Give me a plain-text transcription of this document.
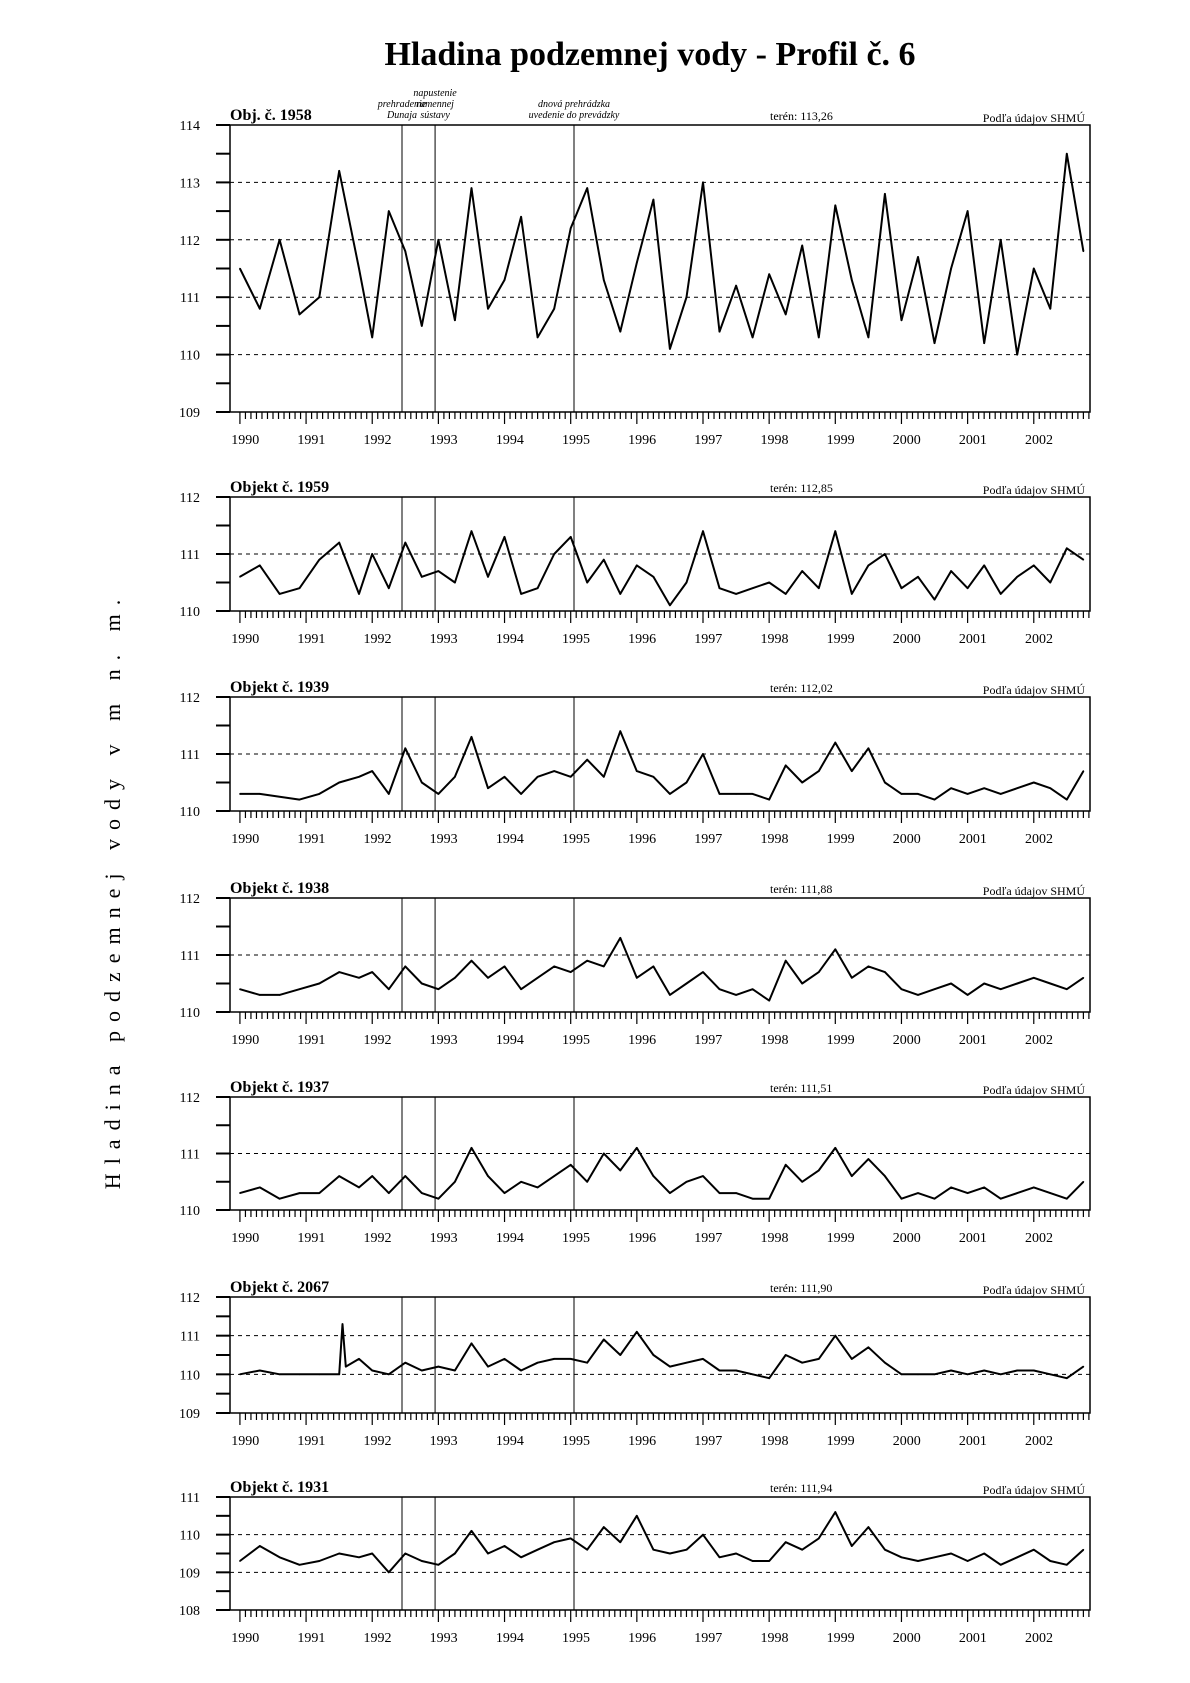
Hladina podzemnej vody - Profil č. 6
Hladina podzemnej vody v m n. m.
109
110
111
112
113
114
1990	1991	1992	1993	1994	1995	1996	1997	1998	1999	2000	2001	2002
Obj. č. 1958	terén: 113,26	Podľa údajov SHMÚ
110
111
112
1990	1991	1992	1993	1994	1995	1996	1997	1998	1999	2000	2001	2002
Objekt č. 1959	terén: 112,85	Podľa údajov SHMÚ
110
111
112
1990	1991	1992	1993	1994	1995	1996	1997	1998	1999	2000	2001	2002
Objekt č. 1939	terén: 112,02	Podľa údajov SHMÚ
110
111
112
1990	1991	1992	1993	1994	1995	1996	1997	1998	1999	2000	2001	2002
Objekt č. 1938	terén: 111,88	Podľa údajov SHMÚ
110
111
112
1990	1991	1992	1993	1994	1995	1996	1997	1998	1999	2000	2001	2002
Objekt č. 1937	terén: 111,51	Podľa údajov SHMÚ
109
110
111
112
1990	1991	1992	1993	1994	1995	1996	1997	1998	1999	2000	2001	2002
Objekt č. 2067	terén: 111,90	Podľa údajov SHMÚ
108
109
110
111
1990	1991	1992	1993	1994	1995	1996	1997	1998	1999	2000	2001	2002
Objekt č. 1931	terén: 111,94	Podľa údajov SHMÚ
prehradenie
Dunaja
napustenie
ramennej
sústavy
dnová prehrádzka
uvedenie do prevádzky
